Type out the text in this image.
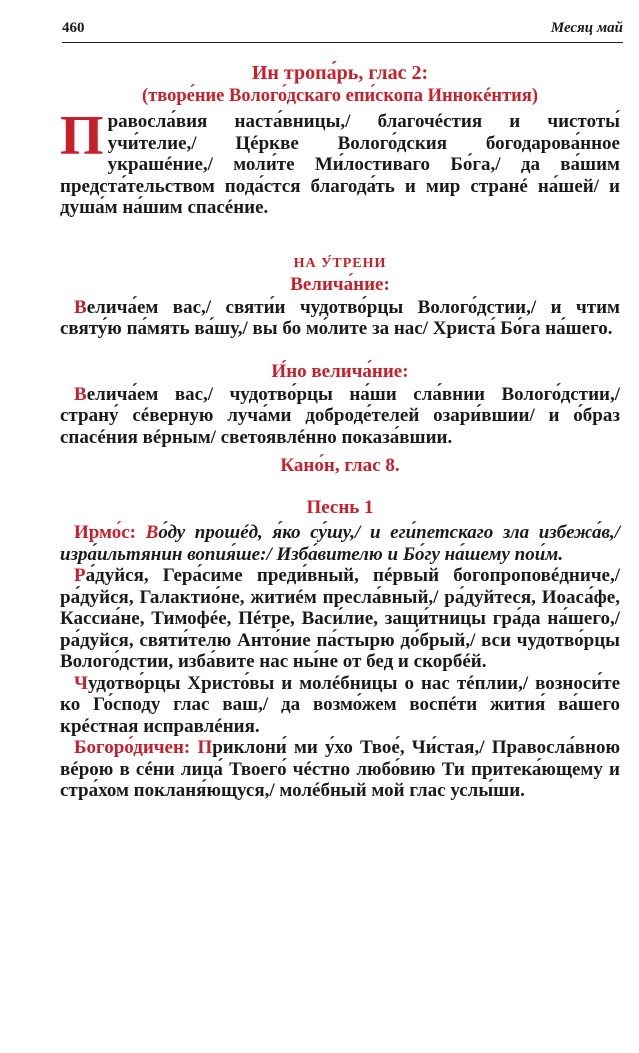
460	Месяц май

Ин тропа́рь, глас 2:

(творе́ние Волого́дскаго епи́скопа Иннокéнтия)

Правосла́вия наста́вницы,/ благочéстия и чистоты́ учи́телие,/ Цéркве Волого́дския богодарова́нное украшéние,/ моли́те Ми́лостиваго Бо́га,/ да ва́шим предста́тельством пода́стся благода́ть и мир странé на́шей/ и душа́м на́шим спасéние.

НА У́ТРЕНИ

Велича́ние:

Велича́ем вас,/ святи́и чудотво́рцы Волого́дстии,/ и чтим святу́ю па́мять ва́шу,/ вы бо мо́лите за нас/ Христа́ Бо́га на́шего.

И́но велича́ние:

Велича́ем вас,/ чудотво́рцы на́ши сла́внии Волого́дстии,/ страну́ сéверную луча́ми доброде́телей озари́вшии/ и о́браз спасéния вéрным/ светоявлéнно показа́вшии.

Кано́н, глас 8.

Песнь 1

Ирмо́с: Во́ду прошéд, я́ко су́шу,/ и еги́петскаго зла избежа́в,/ изра́ильтянин вопия́ше:/ Изба́вителю и Бо́гу на́шему пои́м.

Ра́дуйся, Гера́симе преди́вный, пéрвый богопроповéдниче,/ ра́дуйся, Галактио́не, житиéм пресла́вный,/ ра́дуйтеся, Иоаса́фе, Кассиа́не, Тимофéе, Пéтре, Васи́лие, защи́тницы гра́да на́шего,/ ра́дуйся, святи́телю Анто́ние па́стырю до́брый,/ вси чудотво́рцы Волого́дстии, изба́вите нас ны́не от бед и скорбéй.

Чудотво́рцы Христо́вы и молéбницы о нас тéплии,/ возноси́те ко Го́споду глас ваш,/ да возмо́жем воспéти жития́ ва́шего крéстная исправлéния.

Богоро́дичен: Приклони́ ми у́хо Твое́, Чи́стая,/ Правосла́вною вéрою в сéни лица́ Твоего́ чéстно любо́вию Ти притека́ющему и стра́хом покланя́ющуся,/ молéбный мой глас услы́ши.
